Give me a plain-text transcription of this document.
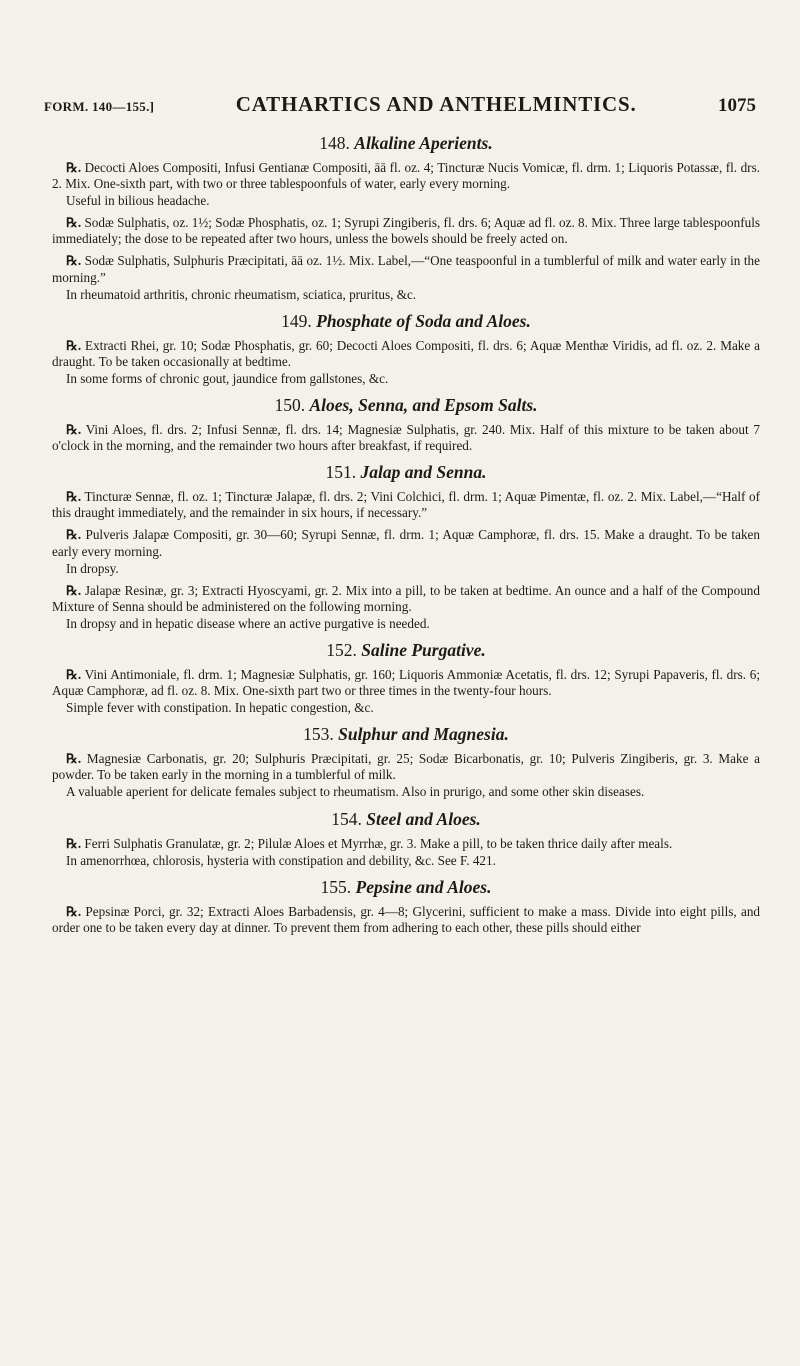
FORM. 140—155.]	CATHARTICS AND ANTHELMINTICS.	1075
148. Alkaline Aperients.

℞. Decocti Aloes Compositi, Infusi Gentianæ Compositi, āā fl. oz. 4; Tincturæ Nucis Vomicæ, fl. drm. 1; Liquoris Potassæ, fl. drs. 2. Mix. One-sixth part, with two or three tablespoonfuls of water, early every morning.

Useful in bilious headache.

℞. Sodæ Sulphatis, oz. 1½; Sodæ Phosphatis, oz. 1; Syrupi Zingiberis, fl. drs. 6; Aquæ ad fl. oz. 8. Mix. Three large tablespoonfuls immediately; the dose to be repeated after two hours, unless the bowels should be freely acted on.

℞. Sodæ Sulphatis, Sulphuris Præcipitati, āā oz. 1½. Mix. Label,—“One teaspoonful in a tumblerful of milk and water early in the morning.”

In rheumatoid arthritis, chronic rheumatism, sciatica, pruritus, &c.

149. Phosphate of Soda and Aloes.

℞. Extracti Rhei, gr. 10; Sodæ Phosphatis, gr. 60; Decocti Aloes Compositi, fl. drs. 6; Aquæ Menthæ Viridis, ad fl. oz. 2. Make a draught. To be taken occasionally at bedtime.

In some forms of chronic gout, jaundice from gallstones, &c.

150. Aloes, Senna, and Epsom Salts.

℞. Vini Aloes, fl. drs. 2; Infusi Sennæ, fl. drs. 14; Magnesiæ Sulphatis, gr. 240. Mix. Half of this mixture to be taken about 7 o'clock in the morning, and the remainder two hours after breakfast, if required.

151. Jalap and Senna.

℞. Tincturæ Sennæ, fl. oz. 1; Tincturæ Jalapæ, fl. drs. 2; Vini Colchici, fl. drm. 1; Aquæ Pimentæ, fl. oz. 2. Mix. Label,—“Half of this draught immediately, and the remainder in six hours, if necessary.”

℞. Pulveris Jalapæ Compositi, gr. 30—60; Syrupi Sennæ, fl. drm. 1; Aquæ Camphoræ, fl. drs. 15. Make a draught. To be taken early every morning.

In dropsy.

℞. Jalapæ Resinæ, gr. 3; Extracti Hyoscyami, gr. 2. Mix into a pill, to be taken at bedtime. An ounce and a half of the Compound Mixture of Senna should be administered on the following morning.

In dropsy and in hepatic disease where an active purgative is needed.

152. Saline Purgative.

℞. Vini Antimoniale, fl. drm. 1; Magnesiæ Sulphatis, gr. 160; Liquoris Ammoniæ Acetatis, fl. drs. 12; Syrupi Papaveris, fl. drs. 6; Aquæ Camphoræ, ad fl. oz. 8. Mix. One-sixth part two or three times in the twenty-four hours.

Simple fever with constipation. In hepatic congestion, &c.

153. Sulphur and Magnesia.

℞. Magnesiæ Carbonatis, gr. 20; Sulphuris Præcipitati, gr. 25; Sodæ Bicarbonatis, gr. 10; Pulveris Zingiberis, gr. 3. Make a powder. To be taken early in the morning in a tumblerful of milk.

A valuable aperient for delicate females subject to rheumatism. Also in prurigo, and some other skin diseases.

154. Steel and Aloes.

℞. Ferri Sulphatis Granulatæ, gr. 2; Pilulæ Aloes et Myrrhæ, gr. 3. Make a pill, to be taken thrice daily after meals.

In amenorrhœa, chlorosis, hysteria with constipation and debility, &c. See F. 421.

155. Pepsine and Aloes.

℞. Pepsinæ Porci, gr. 32; Extracti Aloes Barbadensis, gr. 4—8; Glycerini, sufficient to make a mass. Divide into eight pills, and order one to be taken every day at dinner. To prevent them from adhering to each other, these pills should either
